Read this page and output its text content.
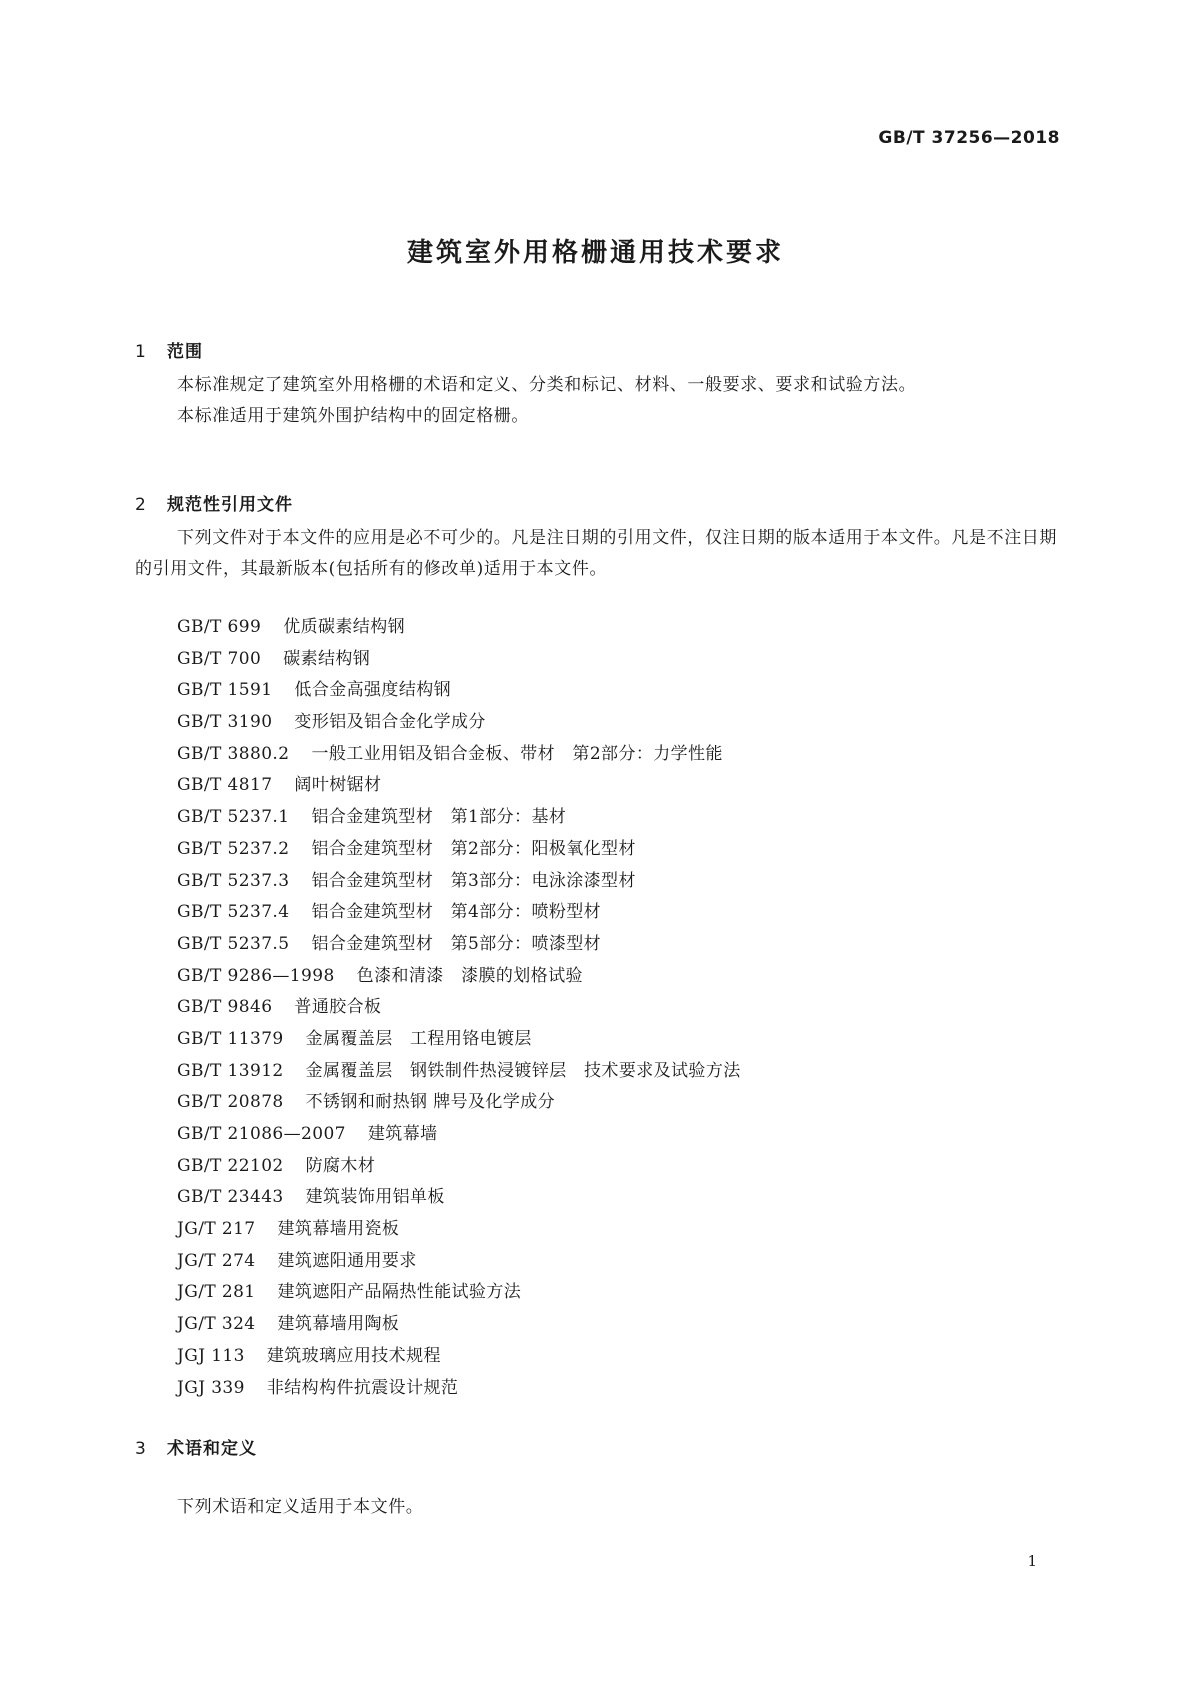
GB/T 37256—2018
建筑室外用格栅通用技术要求
1 范围

本标准规定了建筑室外用格栅的术语和定义、分类和标记、材料、一般要求、要求和试验方法。

本标准适用于建筑外围护结构中的固定格栅。

2 规范性引用文件

下列文件对于本文件的应用是必不可少的。凡是注日期的引用文件，仅注日期的版本适用于本文件。凡是不注日期的引用文件，其最新版本(包括所有的修改单)适用于本文件。

GB/T 699 优质碳素结构钢
GB/T 700 碳素结构钢
GB/T 1591 低合金高强度结构钢
GB/T 3190 变形铝及铝合金化学成分
GB/T 3880.2 一般工业用铝及铝合金板、带材　第2部分：力学性能
GB/T 4817 阔叶树锯材
GB/T 5237.1 铝合金建筑型材　第1部分：基材
GB/T 5237.2 铝合金建筑型材　第2部分：阳极氧化型材
GB/T 5237.3 铝合金建筑型材　第3部分：电泳涂漆型材
GB/T 5237.4 铝合金建筑型材　第4部分：喷粉型材
GB/T 5237.5 铝合金建筑型材　第5部分：喷漆型材
GB/T 9286—1998 色漆和清漆　漆膜的划格试验
GB/T 9846 普通胶合板
GB/T 11379 金属覆盖层　工程用铬电镀层
GB/T 13912 金属覆盖层　钢铁制件热浸镀锌层　技术要求及试验方法
GB/T 20878 不锈钢和耐热钢 牌号及化学成分
GB/T 21086—2007 建筑幕墙
GB/T 22102 防腐木材
GB/T 23443 建筑装饰用铝单板
JG/T 217 建筑幕墙用瓷板
JG/T 274 建筑遮阳通用要求
JG/T 281 建筑遮阳产品隔热性能试验方法
JG/T 324 建筑幕墙用陶板
JGJ 113 建筑玻璃应用技术规程
JGJ 339 非结构构件抗震设计规范
3 术语和定义

下列术语和定义适用于本文件。

1
